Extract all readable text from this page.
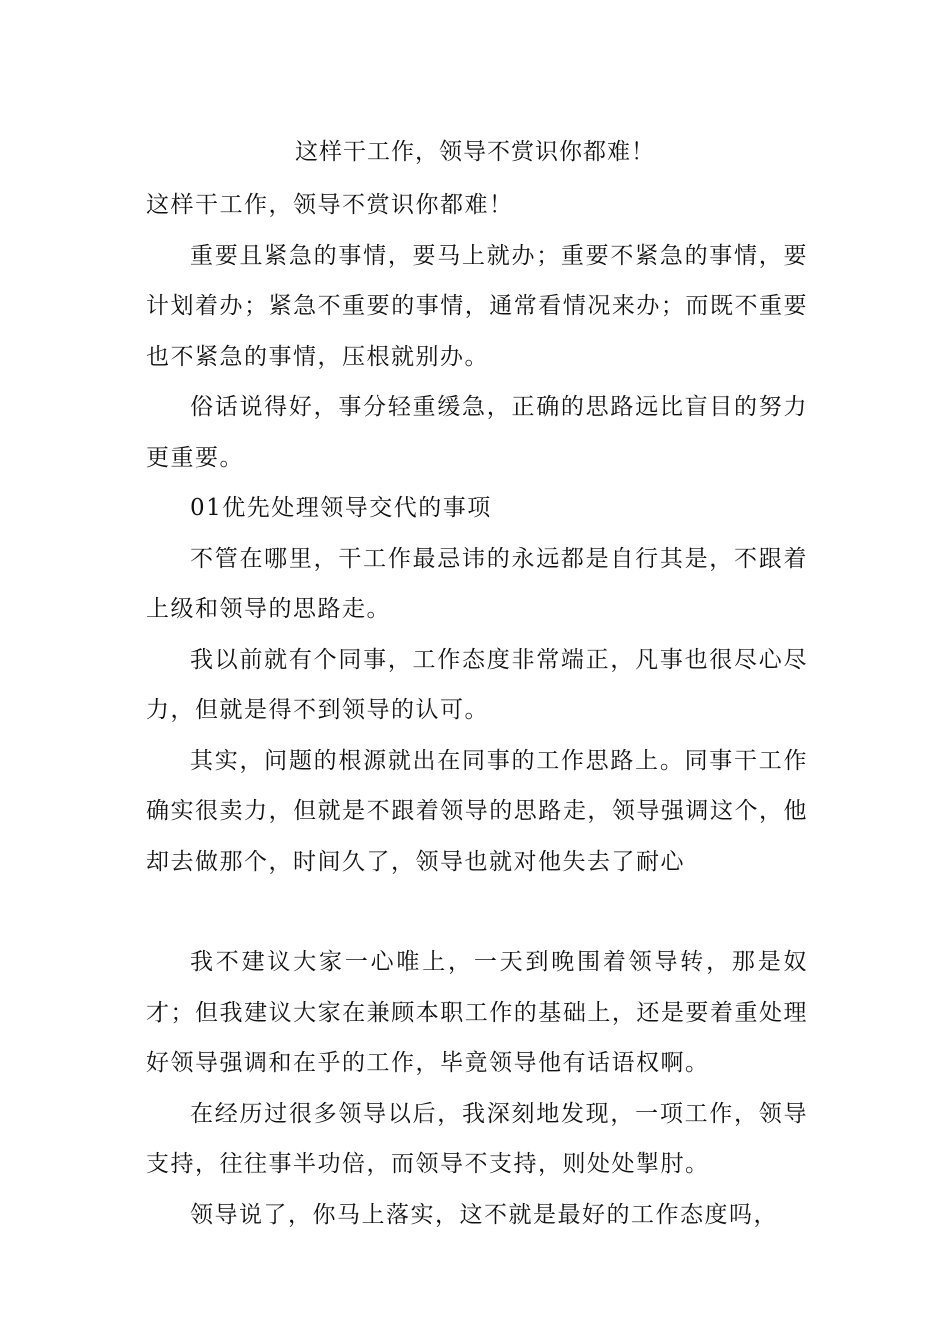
这样干工作，领导不赏识你都难！

这样干工作，领导不赏识你都难！

重要且紧急的事情，要马上就办；重要不紧急的事情，要计划着办；紧急不重要的事情，通常看情况来办；而既不重要也不紧急的事情，压根就别办。

俗话说得好，事分轻重缓急，正确的思路远比盲目的努力更重要。

01优先处理领导交代的事项

不管在哪里，干工作最忌讳的永远都是自行其是，不跟着上级和领导的思路走。

我以前就有个同事，工作态度非常端正，凡事也很尽心尽力，但就是得不到领导的认可。

其实，问题的根源就出在同事的工作思路上。同事干工作确实很卖力，但就是不跟着领导的思路走，领导强调这个，他却去做那个，时间久了，领导也就对他失去了耐心

我不建议大家一心唯上，一天到晚围着领导转，那是奴才；但我建议大家在兼顾本职工作的基础上，还是要着重处理好领导强调和在乎的工作，毕竟领导他有话语权啊。

在经历过很多领导以后，我深刻地发现，一项工作，领导支持，往往事半功倍，而领导不支持，则处处掣肘。

领导说了，你马上落实，这不就是最好的工作态度吗，
